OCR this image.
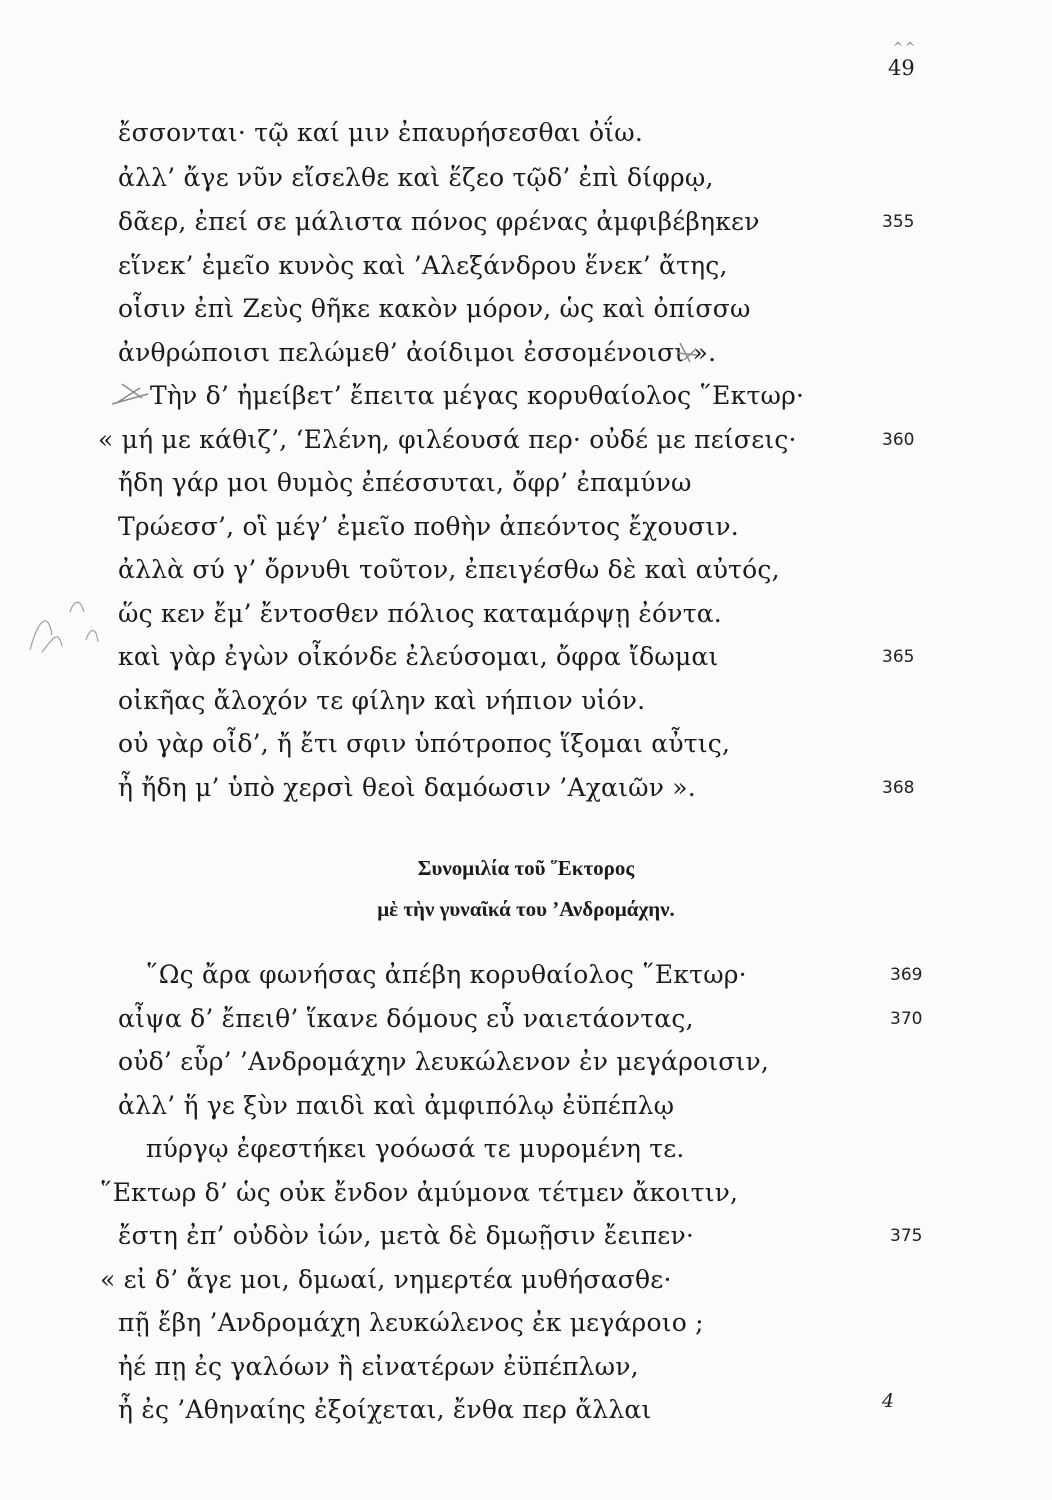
^^
49
ἔσσονται· τῷ καί μιν ἐπαυρήσεσθαι ὀΐω.
ἀλλ’ ἄγε νῦν εἴσελθε καὶ ἕζεο τῷδ’ ἐπὶ δίφρῳ,
δᾶερ, ἐπεί σε μάλιστα πόνος φρένας ἀμφιβέβηκεν
εἵνεκ’ ἐμεῖο κυνὸς καὶ ’Αλεξάνδρου ἕνεκ’ ἄτης,
οἷσιν ἐπὶ Ζεὺς θῆκε κακὸν μόρον, ὡς καὶ ὀπίσσω
ἀνθρώποισι πελώμεθ’ ἀοίδιμοι ἐσσομένοισι ».
Τὴν δ’ ἠμείβετ’ ἔπειτα μέγας κορυθαίολος ῞Εκτωρ·
« μή με κάθιζ’, ‘Ελένη, φιλέουσά περ· οὐδέ με πείσεις·
ἤδη γάρ μοι θυμὸς ἐπέσσυται, ὄφρ’ ἐπαμύνω
Τρώεσσ’, οἳ μέγ’ ἐμεῖο ποθὴν ἀπεόντος ἔχουσιν.
ἀλλὰ σύ γ’ ὄρνυθι τοῦτον, ἐπειγέσθω δὲ καὶ αὐτός,
ὥς κεν ἔμ’ ἔντοσθεν πόλιος καταμάρψῃ ἐόντα.
καὶ γὰρ ἐγὼν οἶκόνδε ἐλεύσομαι, ὄφρα ἴδωμαι
οἰκῆας ἄλοχόν τε φίλην καὶ νήπιον υἱόν.
οὐ γὰρ οἶδ’, ἤ ἔτι σφιν ὑπότροπος ἵξομαι αὖτις,
ἦ ἤδη μ’ ὑπὸ χερσὶ θεοὶ δαμόωσιν ’Αχαιῶν ».
355
360
365
368
Συνομιλία τοῦ ῞Εκτορος
μὲ τὴν γυναῖκά του ’Ανδρομάχην.
῞Ως ἄρα φωνήσας ἀπέβη κορυθαίολος ῞Εκτωρ·
αἶψα δ’ ἔπειθ’ ἵκανε δόμους εὖ ναιετάοντας,
οὐδ’ εὗρ’ ’Ανδρομάχην λευκώλενον ἐν μεγάροισιν,
ἀλλ’ ἥ γε ξὺν παιδὶ καὶ ἀμφιπόλῳ ἐϋπέπλῳ
πύργῳ ἐφεστήκει γοόωσά τε μυρομένη τε.
῞Εκτωρ δ’ ὡς οὐκ ἔνδον ἀμύμονα τέτμεν ἄκοιτιν,
ἔστη ἐπ’ οὐδὸν ἰών, μετὰ δὲ δμωῇσιν ἔειπεν·
« εἰ δ’ ἄγε μοι, δμωαί, νημερτέα μυθήσασθε·
πῇ ἔβη ’Ανδρομάχη λευκώλενος ἐκ μεγάροιο ;
ἠέ πῃ ἐς γαλόων ἢ εἰνατέρων ἐϋπέπλων,
ἦ ἐς ’Αθηναίης ἐξοίχεται, ἔνθα περ ἄλλαι
369
370
375
4
